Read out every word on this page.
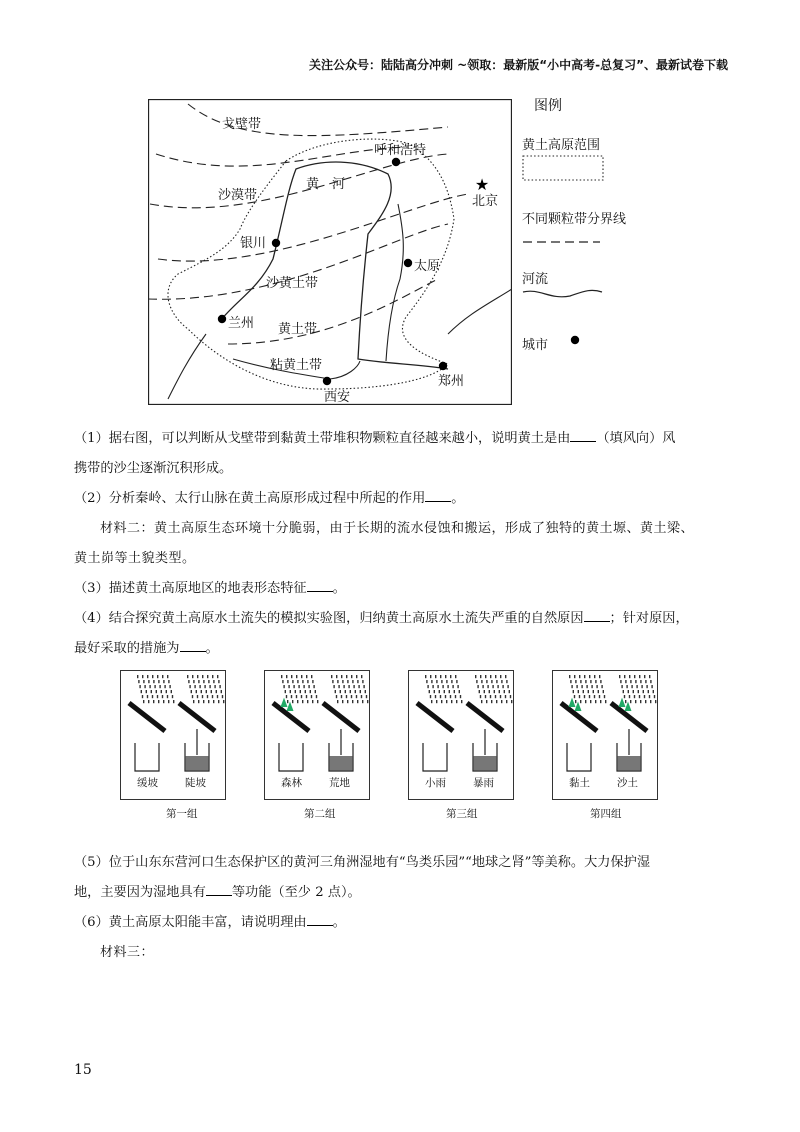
关注公众号：陆陆高分冲刺 ~领取：最新版“小中高考-总复习”、最新试卷下载
★
戈壁带
沙漠带
黄　河
沙黄土带
黄土带
粘黄土带
呼和浩特
北京
银川
太原
兰州
西安
郑州
图例
黄土高原范围
不同颗粒带分界线
河流
城市
（1）据右图，可以判断从戈壁带到黏黄土带堆积物颗粒直径越来越小，说明黄土是由 （填风向）风
携带的沙尘逐渐沉积形成。
（2）分析秦岭、太行山脉在黄土高原形成过程中所起的作用 。
材料二：黄土高原生态环境十分脆弱，由于长期的流水侵蚀和搬运，形成了独特的黄土塬、黄土梁、
黄土峁等土貌类型。
（3）描述黄土高原地区的地表形态特征 。
（4）结合探究黄土高原水土流失的模拟实验图，归纳黄土高原水土流失严重的自然原因 ；针对原因，
最好采取的措施为 。
缓坡	陡坡
第一组
森林	荒地
第二组
小雨	暴雨
第三组
黏土	沙土
第四组
（5）位于山东东营河口生态保护区的黄河三角洲湿地有“鸟类乐园”“地球之肾”等美称。大力保护湿
地，主要因为湿地具有 等功能（至少 2 点）。
（6）黄土高原太阳能丰富，请说明理由 。
材料三：
15
